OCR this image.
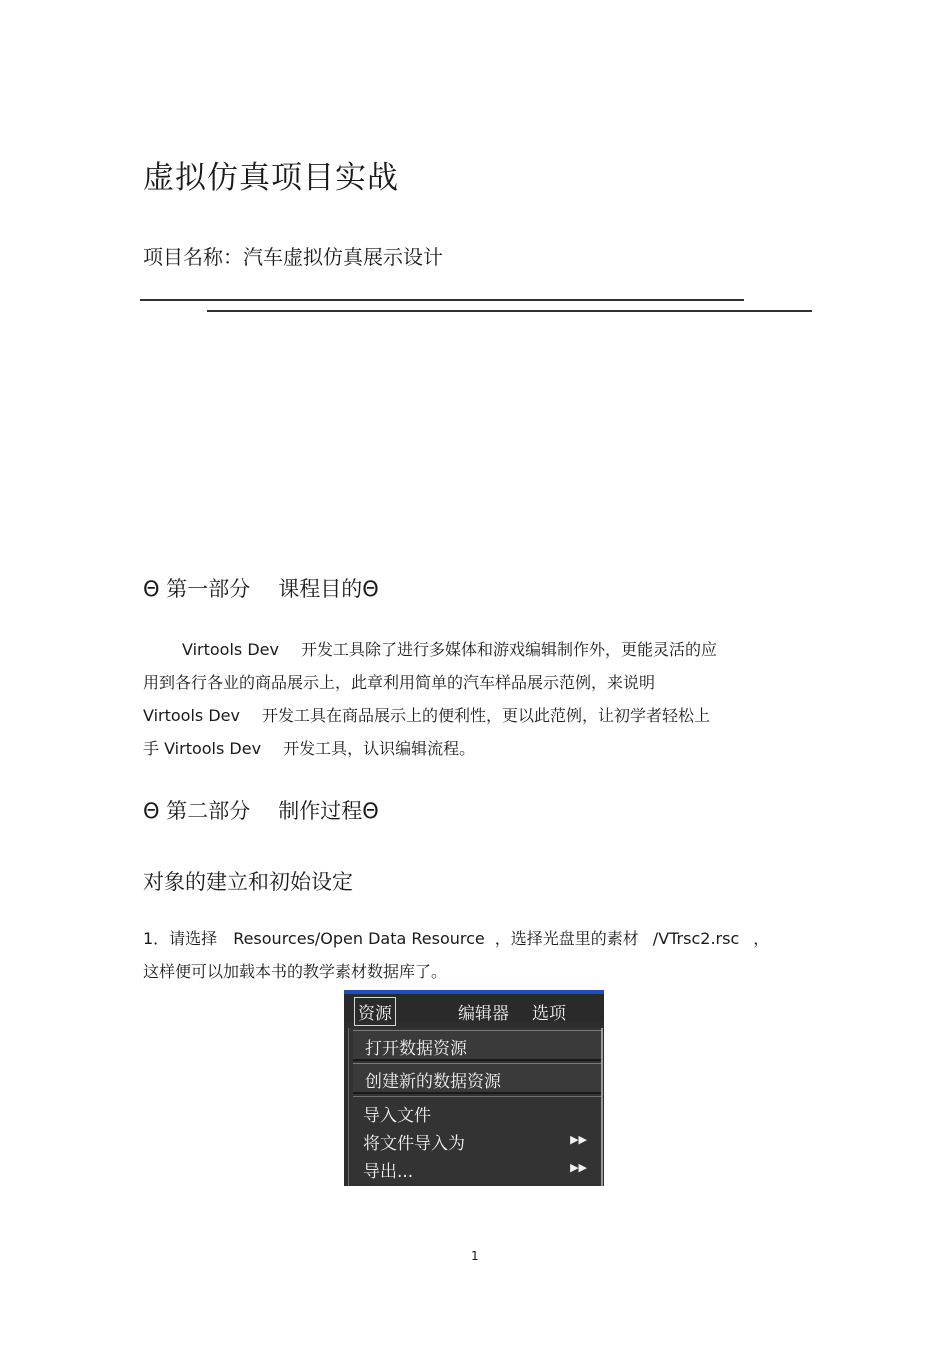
虚拟仿真项目实战
项目名称：汽车虚拟仿真展示设计
Θ 第一部分 课程目的Θ
Virtools Dev 开发工具除了进行多媒体和游戏编辑制作外，更能灵活的应
用到各行各业的商品展示上，此章利用简单的汽车样品展示范例，来说明
Virtools Dev 开发工具在商品展示上的便利性，更以此范例，让初学者轻松上
手 Virtools Dev 开发工具，认识编辑流程。
Θ 第二部分 制作过程Θ
对象的建立和初始设定
1．请选择 Resources/Open Data Resource ，选择光盘里的素材 /VTrsc2.rsc ，
这样便可以加载本书的教学素材数据库了。
资源	编辑器 选项
打开数据资源
创建新的数据资源
导入文件
将文件导入为	▶▶
导出...	▶▶
1
